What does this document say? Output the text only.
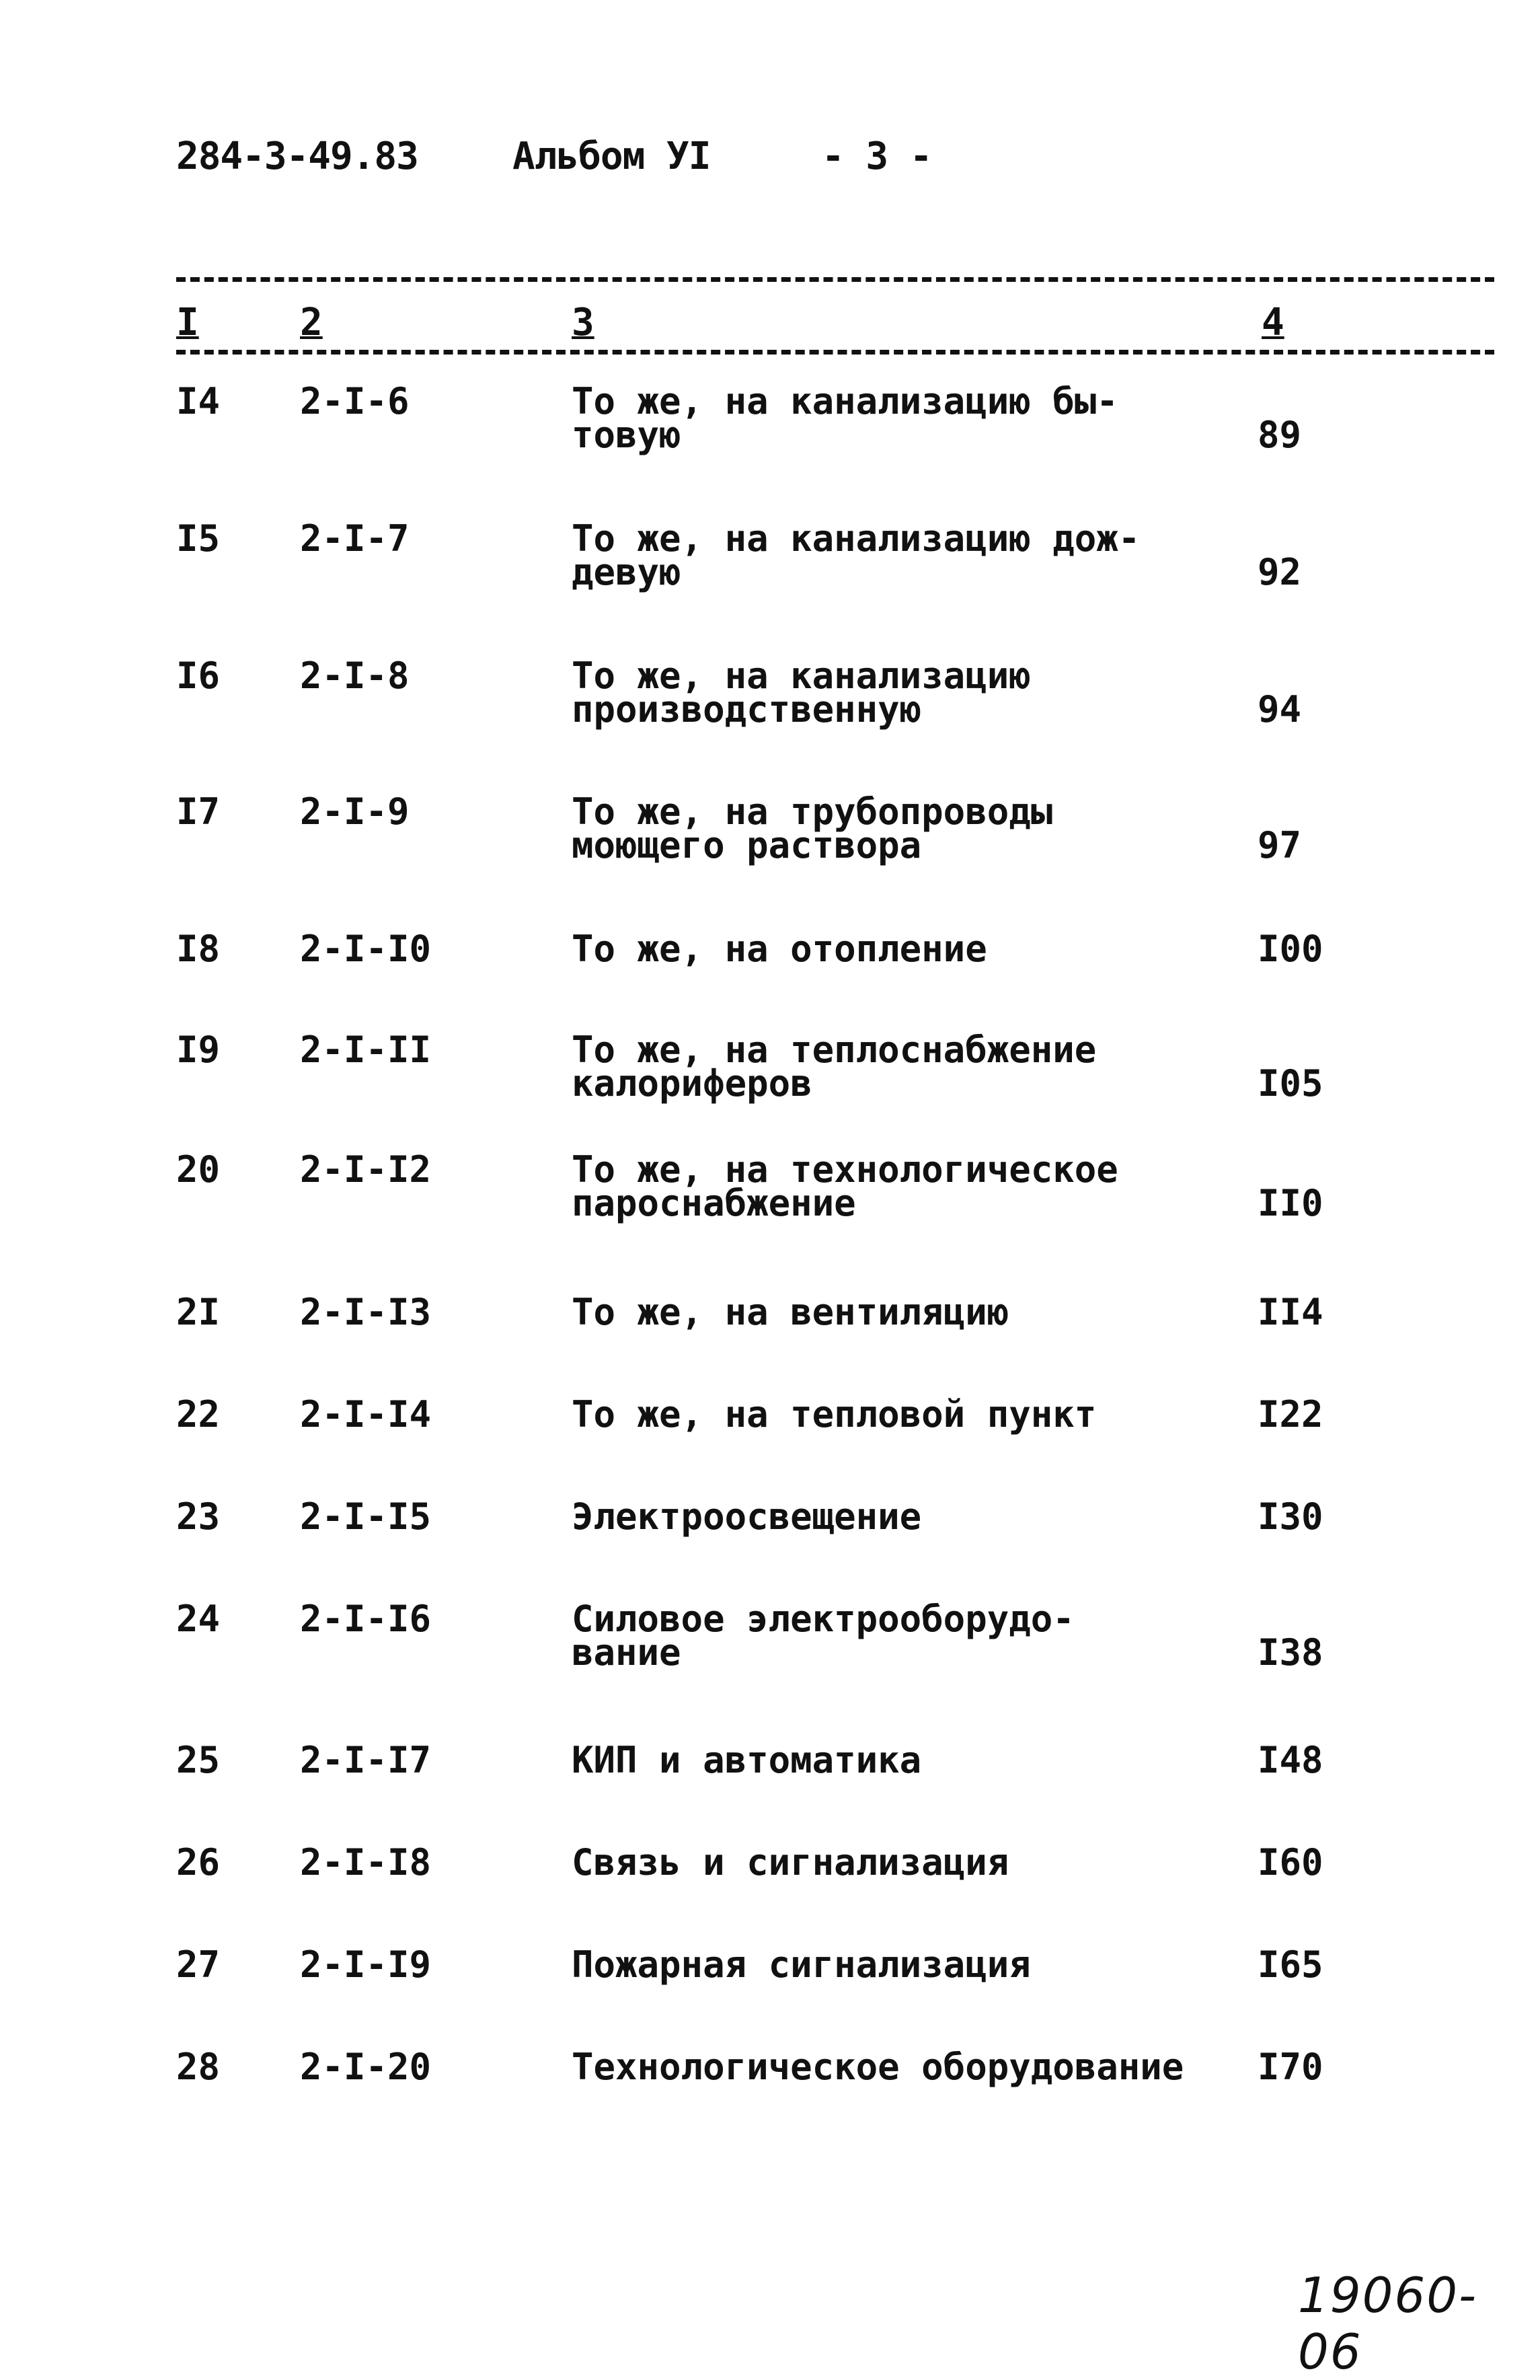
284-3-49.83	Альбом УI	- 3 -
I	2	3	4
I4 2-I-6	То же, на канализацию бы-
товую	89
I5 2-I-7	То же, на канализацию дож-
девую	92
I6 2-I-8	То же, на канализацию
производственную	94
I7 2-I-9	То же, на трубопроводы
моющего раствора	97
I8 2-I-I0	То же, на отопление	I00
I9 2-I-II	То же, на теплоснабжение
калориферов	I05
20 2-I-I2	То же, на технологическое
пароснабжение	II0
2I 2-I-I3	То же, на вентиляцию	II4
22 2-I-I4	То же, на тепловой пункт	I22
23 2-I-I5	Электроосвещение	I30
24 2-I-I6	Силовое электрооборудо-
вание	I38
25 2-I-I7	КИП и автоматика	I48
26 2-I-I8	Связь и сигнализация	I60
27 2-I-I9	Пожарная сигнализация	I65
28 2-I-20	Технологическое оборудование	I70
19060-06
